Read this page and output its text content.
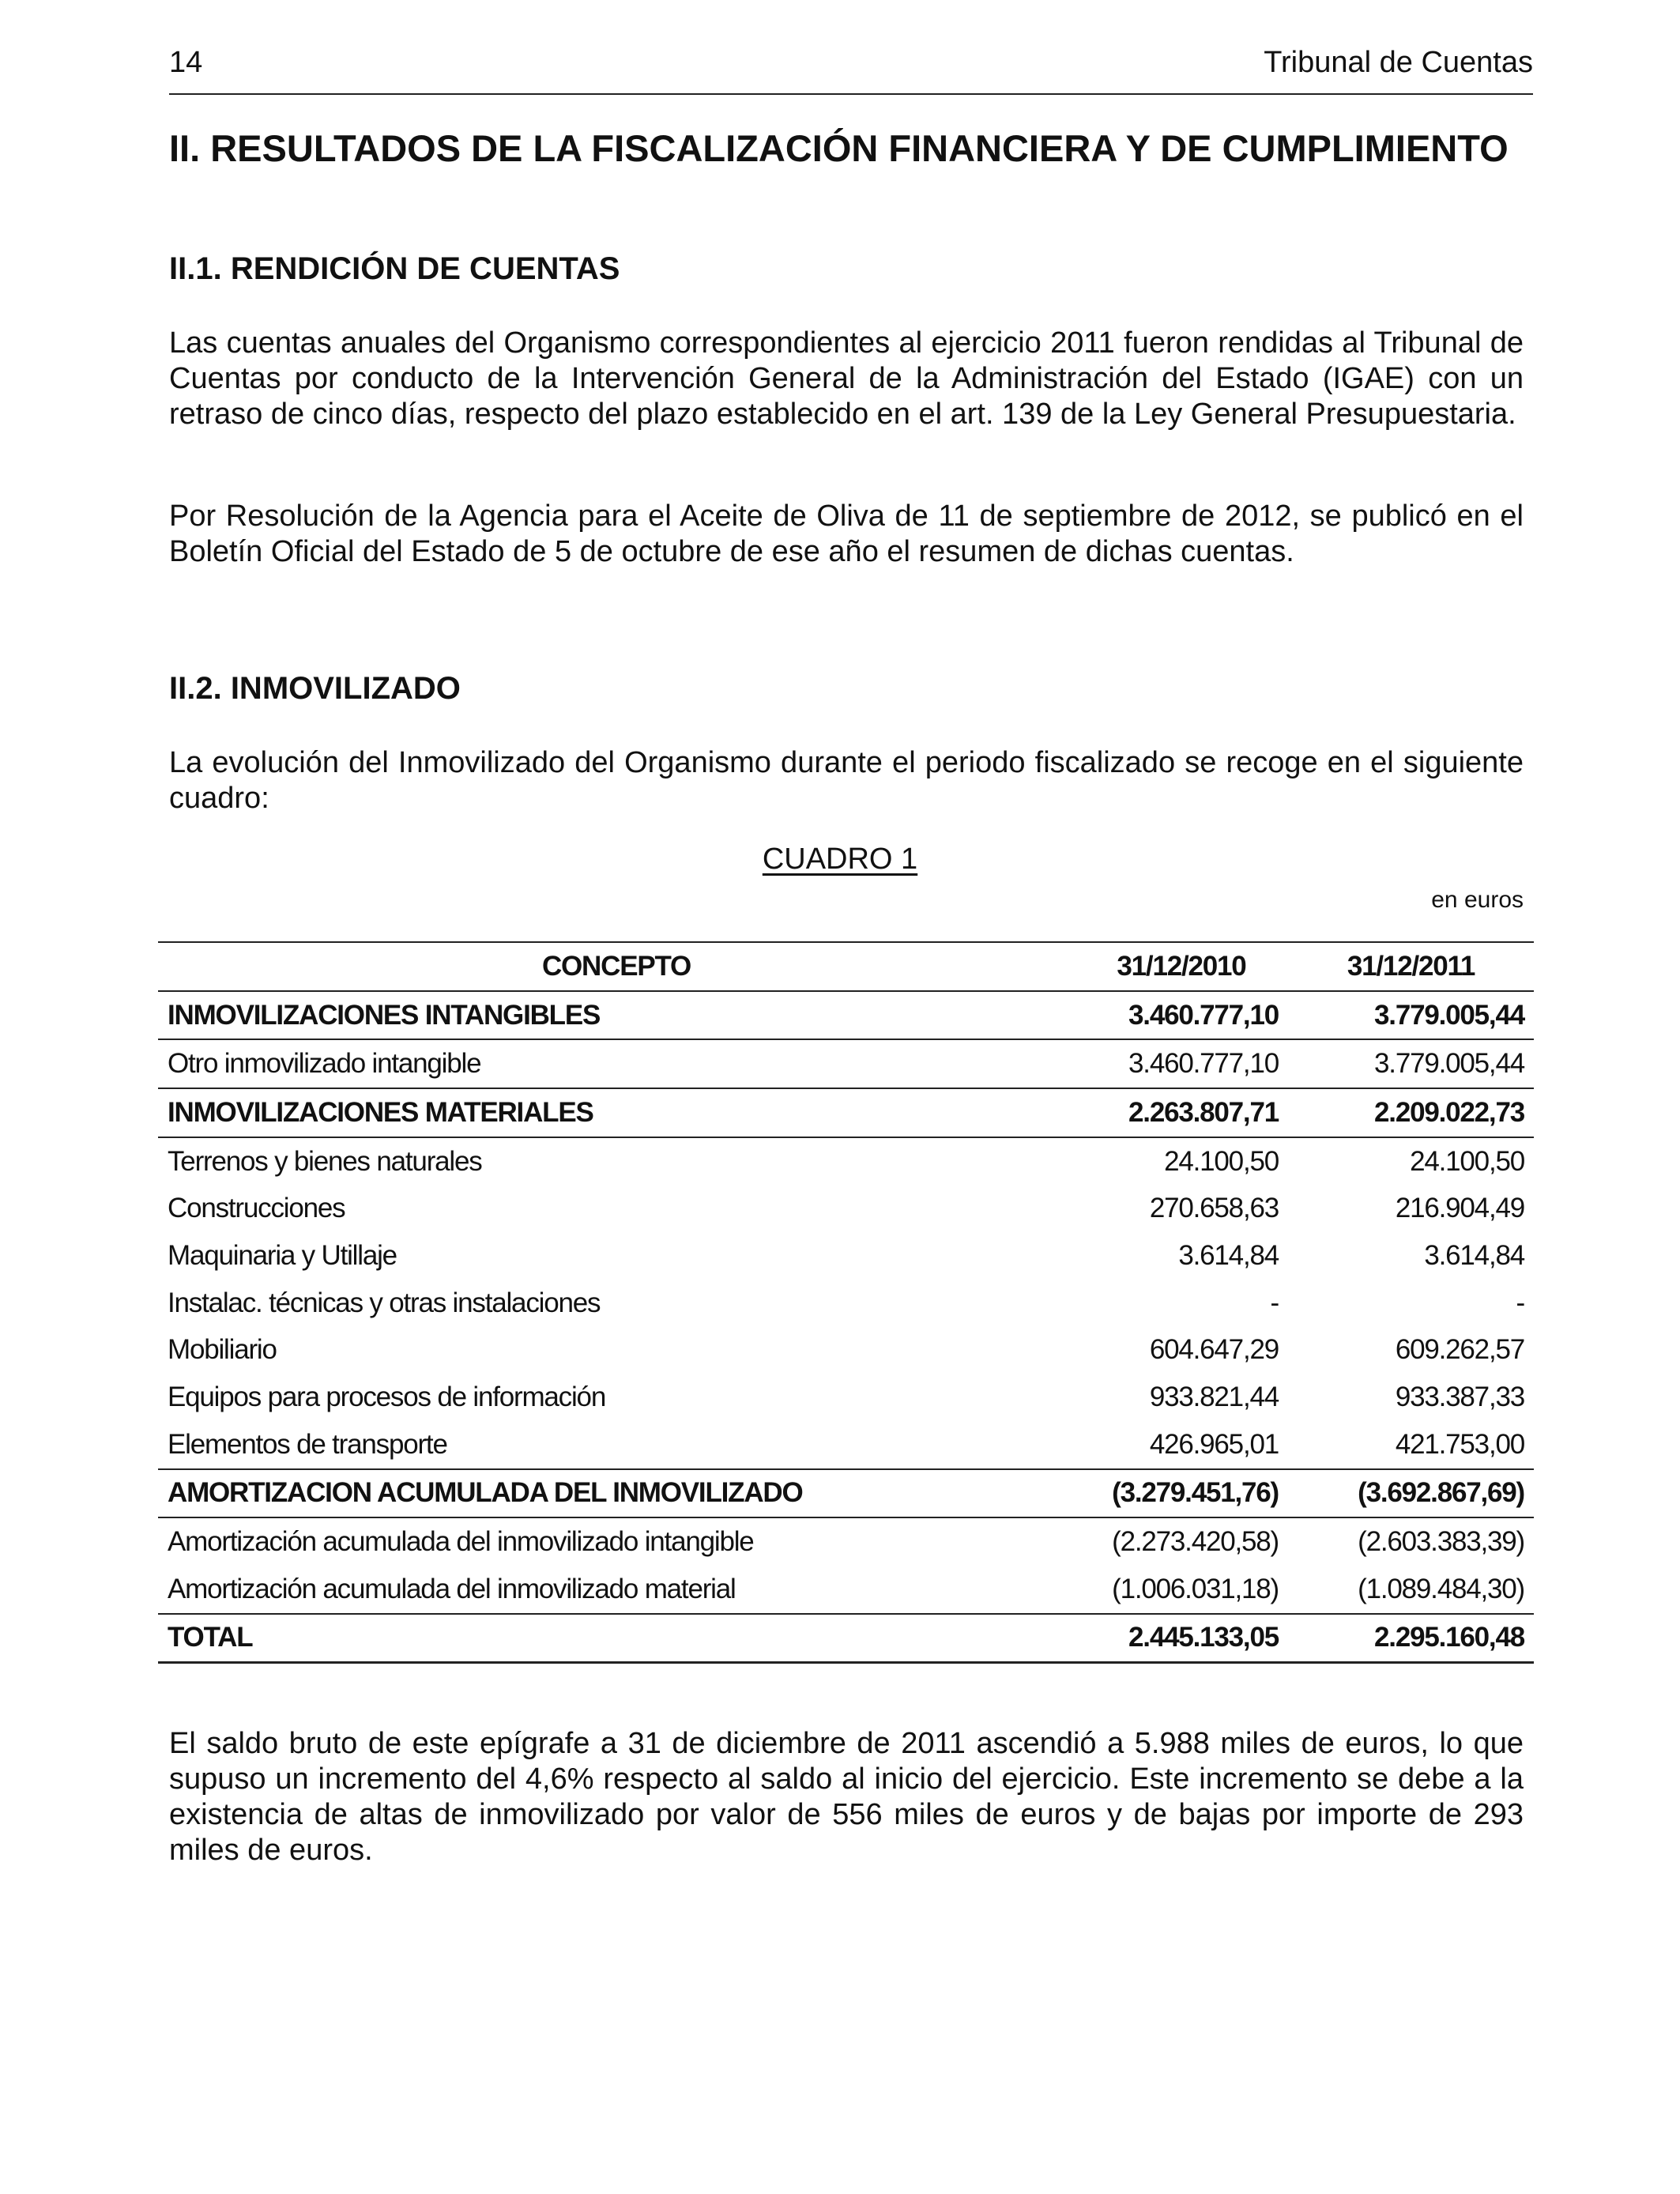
14	Tribunal de Cuentas
II. RESULTADOS DE LA FISCALIZACIÓN FINANCIERA Y DE CUMPLIMIENTO
II.1. RENDICIÓN DE CUENTAS
Las cuentas anuales del Organismo correspondientes al ejercicio 2011 fueron rendidas al Tribunal de Cuentas por conducto de la Intervención General de la Administración del Estado (IGAE) con un retraso de cinco días, respecto del plazo establecido en el art. 139 de la Ley General Presupuestaria.
Por Resolución de la Agencia para el Aceite de Oliva de 11 de septiembre de 2012, se publicó en el Boletín Oficial del Estado de 5 de octubre de ese año el resumen de dichas cuentas.
II.2. INMOVILIZADO
La evolución del Inmovilizado del Organismo durante el periodo fiscalizado se recoge en el siguiente cuadro:
CUADRO 1
en euros
CONCEPTO	31/12/2010	31/12/2011
INMOVILIZACIONES INTANGIBLES	3.460.777,10	3.779.005,44
Otro inmovilizado intangible	3.460.777,10	3.779.005,44
INMOVILIZACIONES MATERIALES	2.263.807,71	2.209.022,73
Terrenos y bienes naturales	24.100,50	24.100,50
Construcciones	270.658,63	216.904,49
Maquinaria y Utillaje	3.614,84	3.614,84
Instalac. técnicas y otras instalaciones	-	-
Mobiliario	604.647,29	609.262,57
Equipos para procesos de información	933.821,44	933.387,33
Elementos de transporte	426.965,01	421.753,00
AMORTIZACION ACUMULADA DEL INMOVILIZADO	(3.279.451,76)	(3.692.867,69)
Amortización acumulada del inmovilizado intangible	(2.273.420,58)	(2.603.383,39)
Amortización acumulada del inmovilizado material	(1.006.031,18)	(1.089.484,30)
TOTAL	2.445.133,05	2.295.160,48
El saldo bruto de este epígrafe a 31 de diciembre de 2011 ascendió a 5.988 miles de euros, lo que supuso un incremento del 4,6% respecto al saldo al inicio del ejercicio. Este incremento se debe a la existencia de altas de inmovilizado por valor de 556 miles de euros y de bajas por importe de 293 miles de euros.
